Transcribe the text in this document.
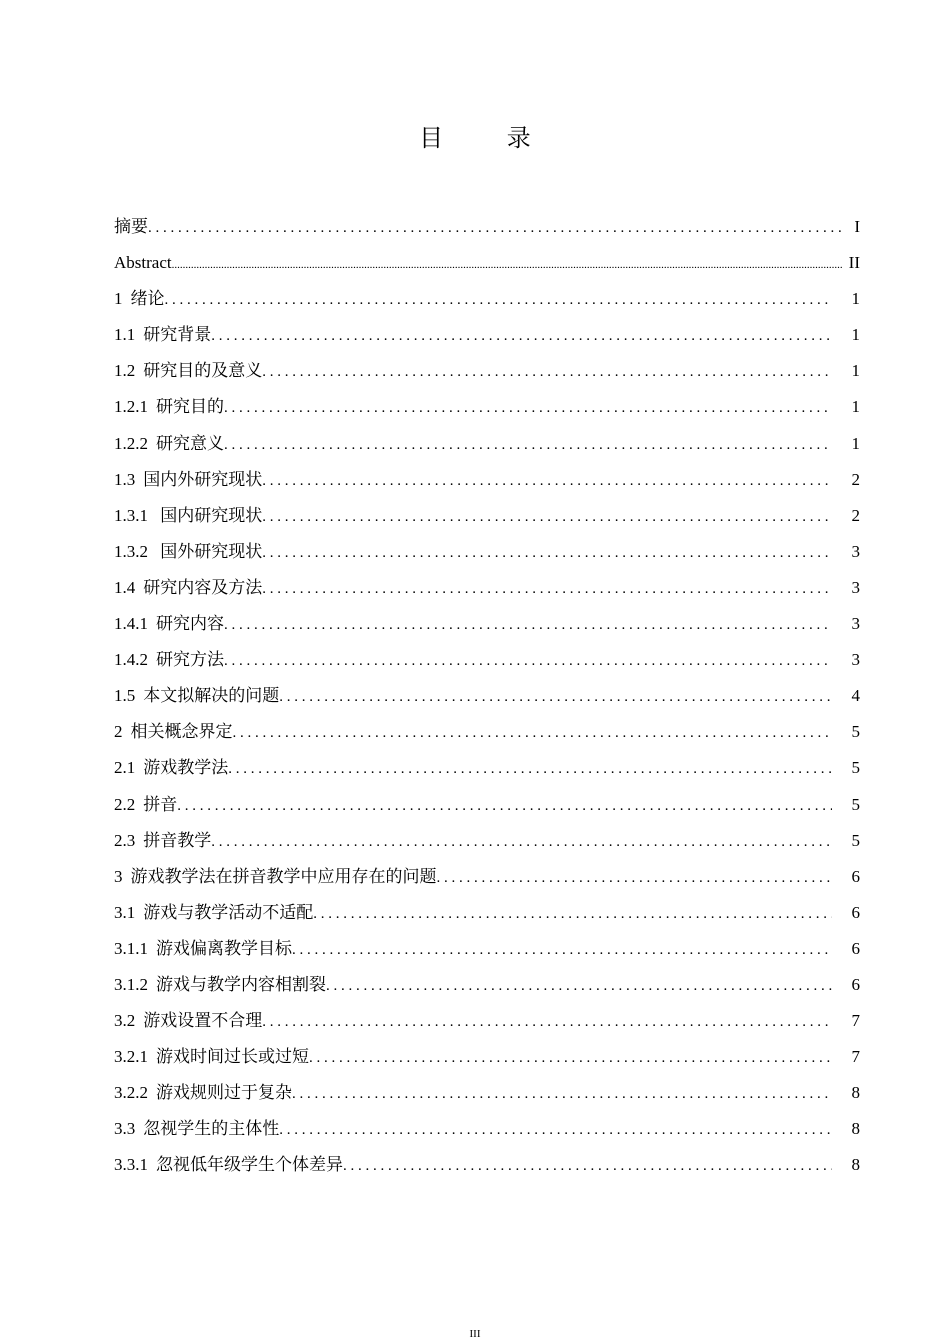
目 录
摘要 . . .	I
Abstract .....	II
1 绪论 . . .	1
1.1 研究背景 . . .	1
1.2 研究目的及意义 . . .	1
1.2.1 研究目的 . . .	1
1.2.2 研究意义 . . .	1
1.3 国内外研究现状 . . .	2
1.3.1 国内研究现状 . . .	2
1.3.2 国外研究现状 . . .	3
1.4 研究内容及方法 . . .	3
1.4.1 研究内容 . . .	3
1.4.2 研究方法 . . .	3
1.5 本文拟解决的问题 . . .	4
2 相关概念界定 . . .	5
2.1 游戏教学法 . . .	5
2.2 拼音 . . .	5
2.3 拼音教学 . . .	5
3 游戏教学法在拼音教学中应用存在的问题 . . .	6
3.1 游戏与教学活动不适配 . . .	6
3.1.1 游戏偏离教学目标 . . .	6
3.1.2 游戏与教学内容相割裂 . . .	6
3.2 游戏设置不合理 . . .	7
3.2.1 游戏时间过长或过短 . . .	7
3.2.2 游戏规则过于复杂 . . .	8
3.3 忽视学生的主体性 . . .	8
3.3.1 忽视低年级学生个体差异 . . .	8
III
